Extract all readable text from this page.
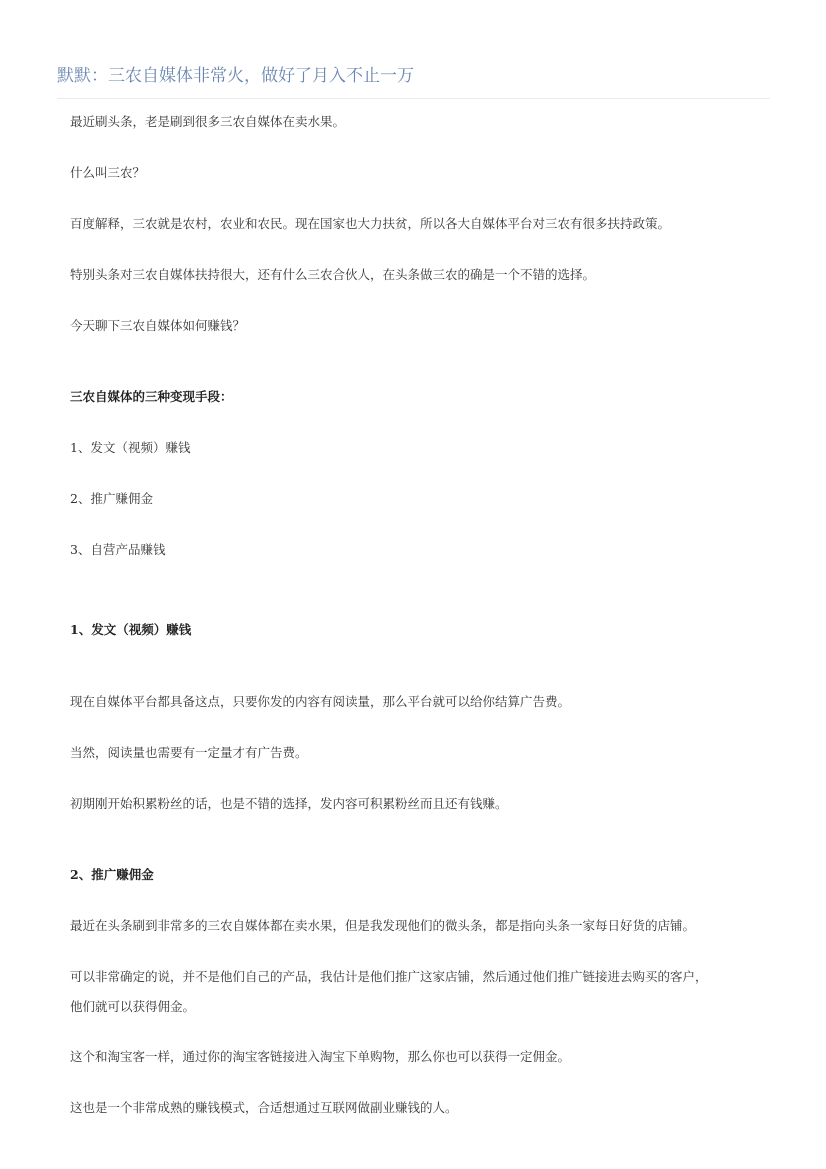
默默：三农自媒体非常火，做好了月入不止一万
最近刷头条，老是刷到很多三农自媒体在卖水果。
什么叫三农？
百度解释，三农就是农村，农业和农民。现在国家也大力扶贫，所以各大自媒体平台对三农有很多扶持政策。
特别头条对三农自媒体扶持很大，还有什么三农合伙人，在头条做三农的确是一个不错的选择。
今天聊下三农自媒体如何赚钱？
三农自媒体的三种变现手段：
1、发文（视频）赚钱
2、推广赚佣金
3、自营产品赚钱
1、发文（视频）赚钱
现在自媒体平台都具备这点，只要你发的内容有阅读量，那么平台就可以给你结算广告费。
当然，阅读量也需要有一定量才有广告费。
初期刚开始积累粉丝的话，也是不错的选择，发内容可积累粉丝而且还有钱赚。
2、推广赚佣金
最近在头条刷到非常多的三农自媒体都在卖水果，但是我发现他们的微头条，都是指向头条一家每日好货的店铺。
可以非常确定的说，并不是他们自己的产品，我估计是他们推广这家店铺，然后通过他们推广链接进去购买的客户，
他们就可以获得佣金。
这个和淘宝客一样，通过你的淘宝客链接进入淘宝下单购物，那么你也可以获得一定佣金。
这也是一个非常成熟的赚钱模式，合适想通过互联网做副业赚钱的人。
